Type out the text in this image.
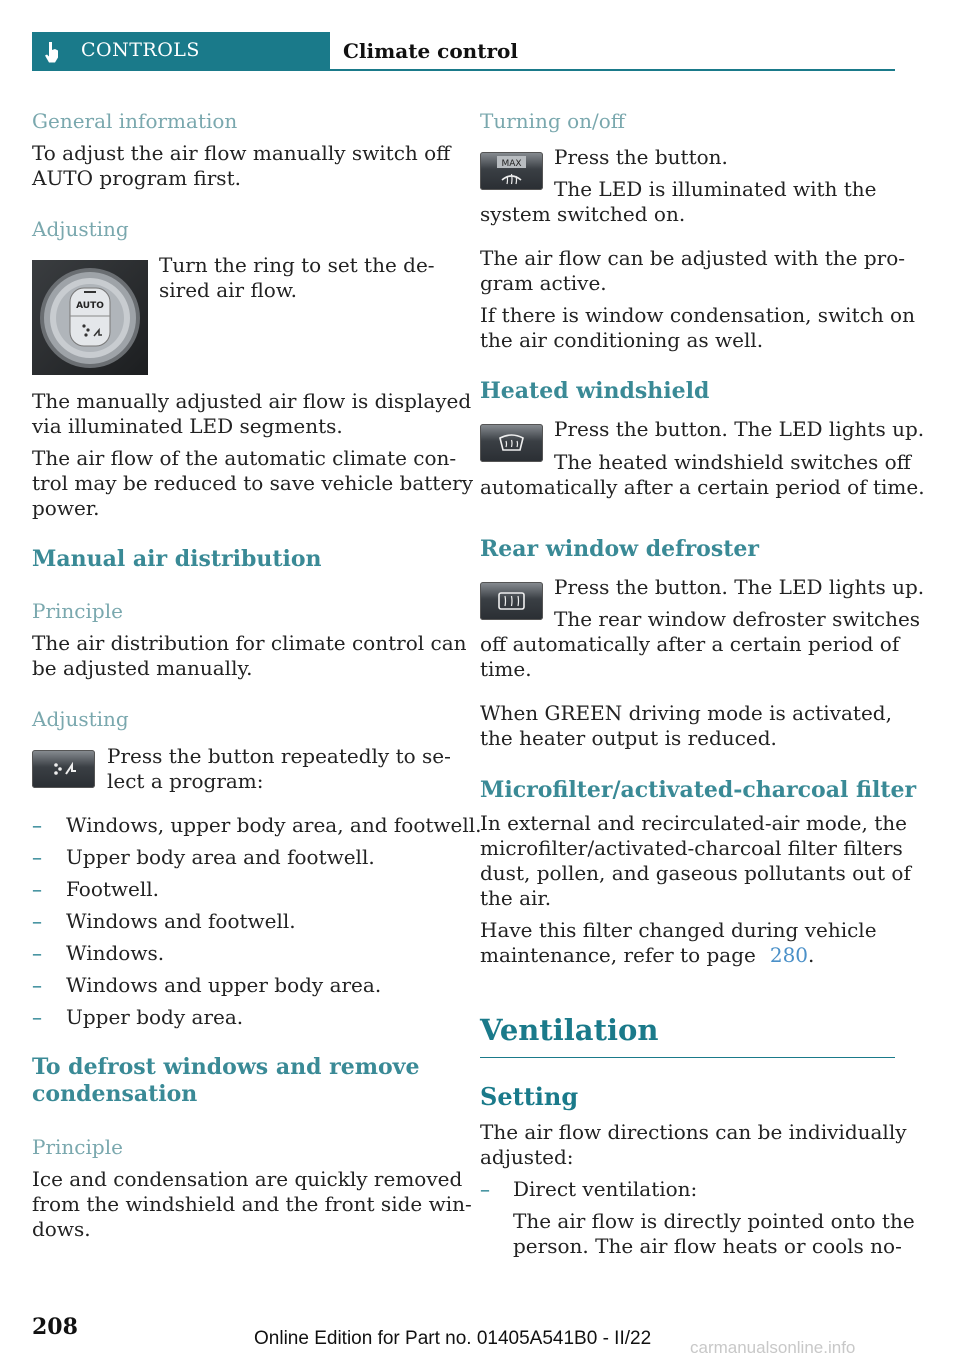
CONTROLS	Climate control
General information
To adjust the air flow manually switch off
AUTO program first.
Adjusting
AUTO
Turn the ring to set the de-
sired air flow.
The manually adjusted air flow is displayed
via illuminated LED segments.
The air flow of the automatic climate con-
trol may be reduced to save vehicle battery
power.
Manual air distribution
Principle
The air distribution for climate control can
be adjusted manually.
Adjusting
Press the button repeatedly to se-
lect a program:
– Windows, upper body area, and footwell.
– Upper body area and footwell.
– Footwell.
– Windows and footwell.
– Windows.
– Windows and upper body area.
– Upper body area.
To defrost windows and remove
condensation
Principle
Ice and condensation are quickly removed
from the windshield and the front side win-
dows.
Turning on/off
MAX Press the button.
The LED is illuminated with the
system switched on.
The air flow can be adjusted with the pro-
gram active.
If there is window condensation, switch on
the air conditioning as well.
Heated windshield
Press the button. The LED lights up.
The heated windshield switches off
automatically after a certain period of time.
Rear window defroster
Press the button. The LED lights up.
The rear window defroster switches
off automatically after a certain period of
time.
When GREEN driving mode is activated,
the heater output is reduced.
Microfilter/activated-charcoal filter
In external and recirculated-air mode, the
microfilter/activated-charcoal filter filters
dust, pollen, and gaseous pollutants out of
the air.
Have this filter changed during vehicle
maintenance, refer to page 280.
Ventilation
Setting
The air flow directions can be individually
adjusted:
– Direct ventilation:
The air flow is directly pointed onto the
person. The air flow heats or cools no-
208	Online Edition for Part no. 01405A541B0 - II/22 carmanualsonline.info
